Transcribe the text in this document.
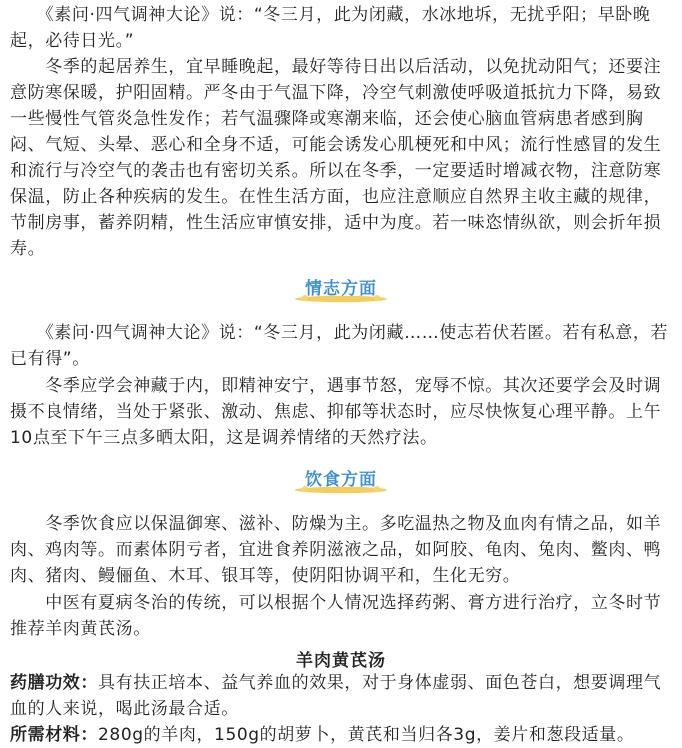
　　《素问·四气调神大论》说：“冬三月，此为闭藏，水冰地坼，无扰乎阳；早卧晚起，必待日光。”

　　冬季的起居养生，宜早睡晚起，最好等待日出以后活动，以免扰动阳气；还要注意防寒保暖，护阳固精。严冬由于气温下降，冷空气刺激使呼吸道抵抗力下降，易致一些慢性气管炎急性发作；若气温骤降或寒潮来临，还会使心脑血管病患者感到胸闷、气短、头晕、恶心和全身不适，可能会诱发心肌梗死和中风；流行性感冒的发生和流行与冷空气的袭击也有密切关系。所以在冬季，一定要适时增减衣物，注意防寒保温，防止各种疾病的发生。在性生活方面，也应注意顺应自然界主收主藏的规律，节制房事，蓄养阴精，性生活应审慎安排，适中为度。若一味恣情纵欲，则会折年损寿。

情志方面

　　《素问·四气调神大论》说：“冬三月，此为闭藏……使志若伏若匿。若有私意，若已有得”。

　　冬季应学会神藏于内，即精神安宁，遇事节怒，宠辱不惊。其次还要学会及时调摄不良情绪，当处于紧张、激动、焦虑、抑郁等状态时，应尽快恢复心理平静。上午10点至下午三点多晒太阳，这是调养情绪的天然疗法。

饮食方面

　　冬季饮食应以保温御寒、滋补、防燥为主。多吃温热之物及血肉有情之品，如羊肉、鸡肉等。而素体阴亏者，宜进食养阴滋液之品，如阿胶、龟肉、兔肉、鳖肉、鸭肉、猪肉、鳗俪鱼、木耳、银耳等，使阴阳协调平和，生化无穷。

　　中医有夏病冬治的传统，可以根据个人情况选择药粥、膏方进行治疗，立冬时节推荐羊肉黄芪汤。

羊肉黄芪汤

药膳功效：具有扶正培本、益气养血的效果，对于身体虚弱、面色苍白，想要调理气血的人来说，喝此汤最合适。

所需材料：280g的羊肉，150g的胡萝卜，黄芪和当归各3g，姜片和葱段适量。
